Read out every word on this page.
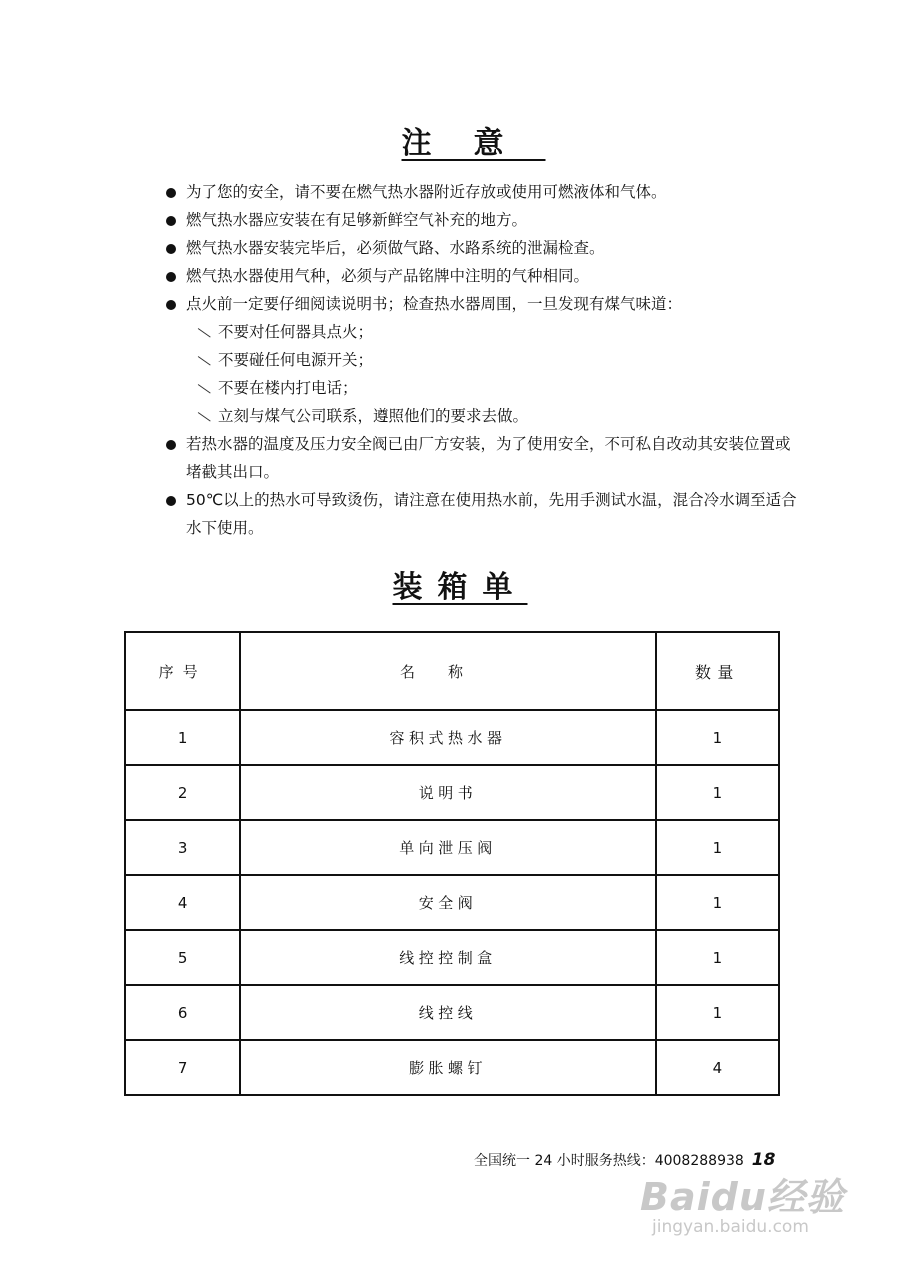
注意
为了您的安全，请不要在燃气热水器附近存放或使用可燃液体和气体。
燃气热水器应安装在有足够新鲜空气补充的地方。
燃气热水器安装完毕后，必须做气路、水路系统的泄漏检查。
燃气热水器使用气种，必须与产品铭牌中注明的气种相同。
点火前一定要仔细阅读说明书；检查热水器周围，一旦发现有煤气味道：
不要对任何器具点火；
不要碰任何电源开关；
不要在楼内打电话；
立刻与煤气公司联系，遵照他们的要求去做。
若热水器的温度及压力安全阀已由厂方安装，为了使用安全，不可私自改动其安装位置或堵截其出口。
50℃以上的热水可导致烫伤，请注意在使用热水前，先用手测试水温，混合冷水调至适合水下使用。
装箱单
序号	名称	数量
1	容积式热水器	1
2	说明书	1
3	单向泄压阀	1
4	安全阀	1
5	线控控制盒	1
6	线控线	1
7	膨胀螺钉	4
全国统一 24 小时服务热线：4008288938 18
Baidu经验
jingyan.baidu.com
